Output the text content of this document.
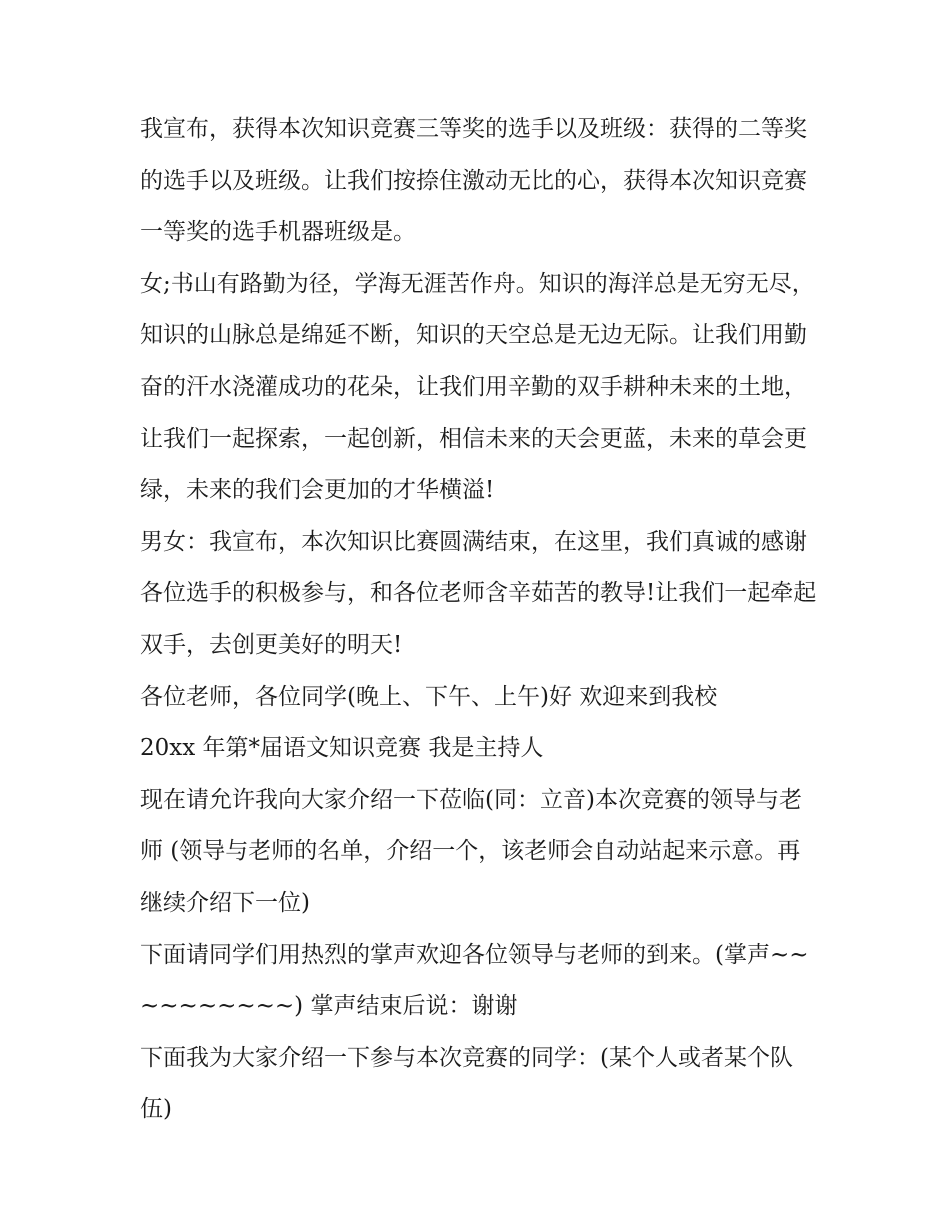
我宣布，获得本次知识竞赛三等奖的选手以及班级：获得的二等奖的选手以及班级。让我们按捺住激动无比的心，获得本次知识竞赛一等奖的选手机器班级是。

女;书山有路勤为径，学海无涯苦作舟。知识的海洋总是无穷无尽，知识的山脉总是绵延不断，知识的天空总是无边无际。让我们用勤奋的汗水浇灌成功的花朵，让我们用辛勤的双手耕种未来的土地，让我们一起探索，一起创新，相信未来的天会更蓝，未来的草会更绿，未来的我们会更加的才华横溢!

男女：我宣布，本次知识比赛圆满结束，在这里，我们真诚的感谢各位选手的积极参与，和各位老师含辛茹苦的教导!让我们一起牵起双手，去创更美好的明天!

各位老师，各位同学(晚上、下午、上午)好 欢迎来到我校

20xx 年第*届语文知识竞赛 我是主持人

现在请允许我向大家介绍一下莅临(同：立音)本次竞赛的领导与老师 (领导与老师的名单，介绍一个，该老师会自动站起来示意。再继续介绍下一位)

下面请同学们用热烈的掌声欢迎各位领导与老师的到来。(掌声~~~~~~~~~~) 掌声结束后说：谢谢

下面我为大家介绍一下参与本次竞赛的同学：(某个人或者某个队伍)
